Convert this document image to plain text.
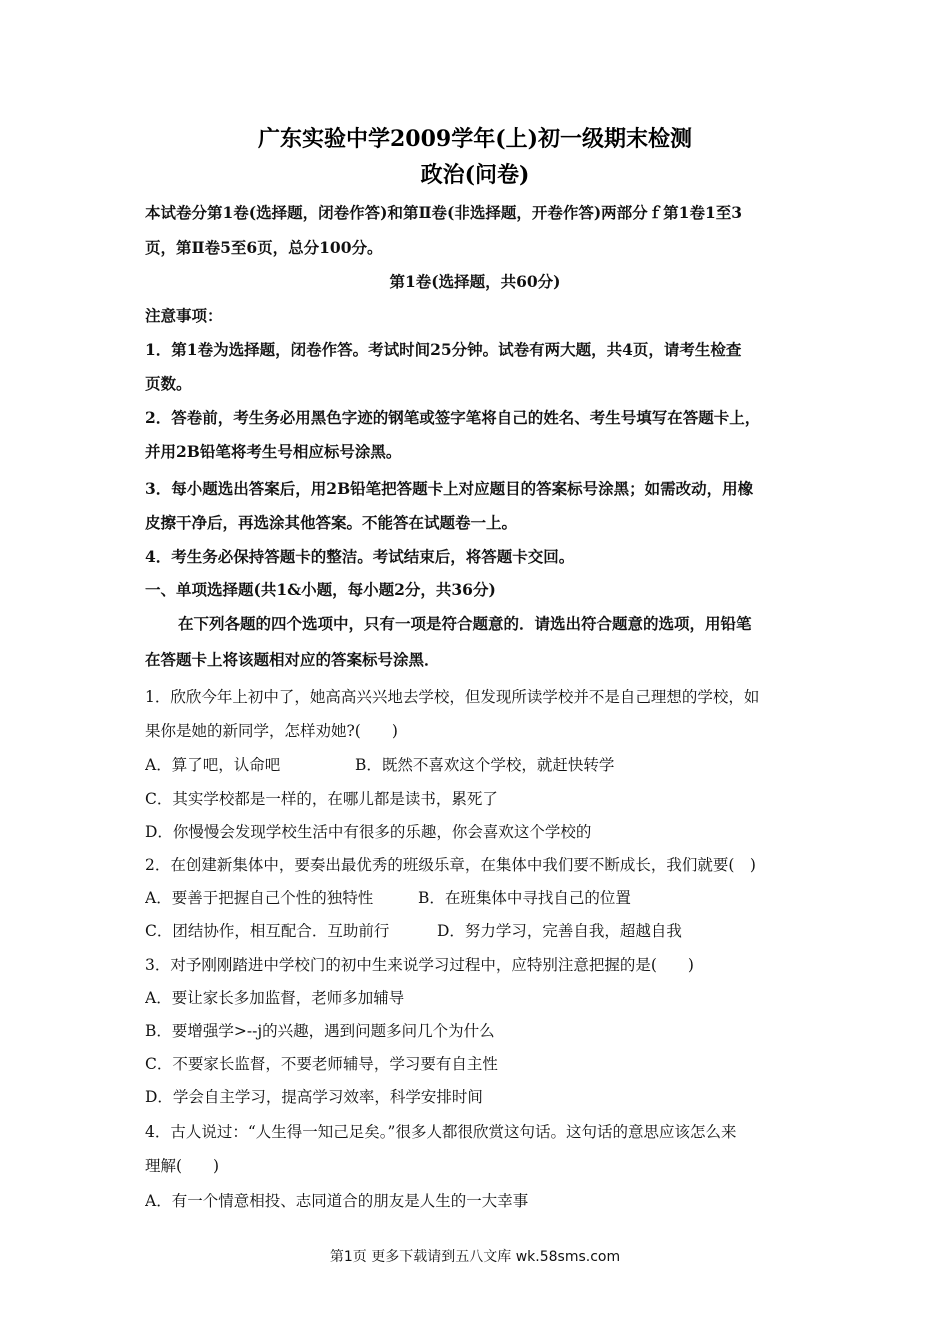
广东实验中学2009学年(上)初一级期末检测
政治(问卷)
本试卷分第1卷(选择题，闭卷作答)和第Ⅱ卷(非选择题，开卷作答)两部分ｆ第1卷1至3
页，第Ⅱ卷5至6页，总分100分。
第1卷(选择题，共60分)
注意事项：
1．第1卷为选择题，闭卷作答。考试时间25分钟。试卷有两大题，共4页，请考生检查
页数。
2．答卷前，考生务必用黑色字迹的钢笔或签字笔将自己的姓名、考生号填写在答题卡上，
并用2B铅笔将考生号相应标号涂黑。
3．每小题选出答案后，用2B铅笔把答题卡上对应题目的答案标号涂黑；如需改动，用橡
皮擦干净后，再选涂其他答案。不能答在试题卷一上。
4．考生务必保持答题卡的整洁。考试结束后，将答题卡交回。
一、单项选择题(共1&小题，每小题2分，共36分)
在下列各题的四个选项中，只有一项是符合题意的．请选出符合题意的选项，用铅笔
在答题卡上将该题相对应的答案标号涂黑．
1．欣欣今年上初中了，她高高兴兴地去学校，但发现所读学校并不是自己理想的学校，如
果你是她的新同学，怎样劝她?(　　)
A．算了吧，认命吧	B．既然不喜欢这个学校，就赶快转学
C．其实学校都是一样的，在哪儿都是读书，累死了
D．你慢慢会发现学校生活中有很多的乐趣，你会喜欢这个学校的
2．在创建新集体中，要奏出最优秀的班级乐章，在集体中我们要不断成长，我们就要(　)
A．要善于把握自己个性的独特性	B．在班集体中寻找自己的位置
C．团结协作，相互配合．互助前行	D．努力学习，完善自我，超越自我
3．对予刚刚踏进中学校门的初中生来说学习过程中，应特别注意把握的是(　　)
A．要让家长多加监督，老师多加辅导
B．要增强学>--j的兴趣，遇到问题多问几个为什么
C．不要家长监督，不要老师辅导，学习要有自主性
D．学会自主学习，提高学习效率，科学安排时间
4．古人说过：“人生得一知己足矣。”很多人都很欣赏这句话。这句话的意思应该怎么来
理解(　　)
A．有一个情意相投、志同道合的朋友是人生的一大幸事
第1页 更多下载请到五八文库 wk.58sms.com
